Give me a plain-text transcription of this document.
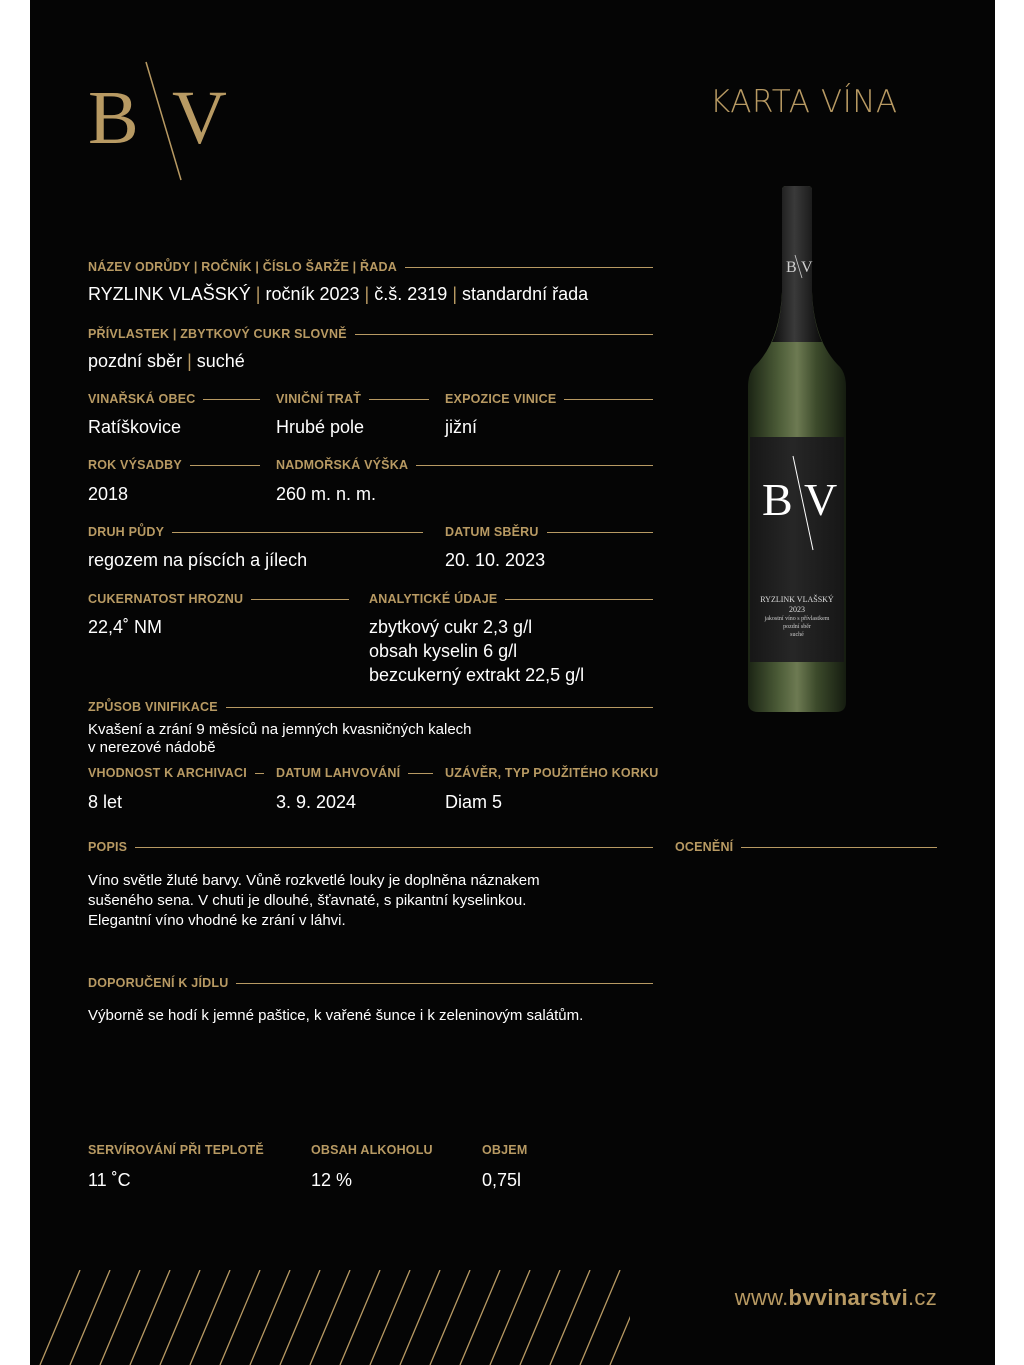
B V	KARTA VÍNA
NÁZEV ODRŮDY | ROČNÍK | ČÍSLO ŠARŽE | ŘADA
RYZLINK VLAŠSKÝ | ročník 2023 | č.š. 2319 | standardní řada
PŘÍVLASTEK | ZBYTKOVÝ CUKR SLOVNĚ
pozdní sběr | suché
VINAŘSKÁ OBEC
Ratíškovice
VINIČNÍ TRAŤ
Hrubé pole
EXPOZICE VINICE
jižní
ROK VÝSADBY
2018
NADMOŘSKÁ VÝŠKA
260 m. n. m.
DRUH PŮDY
regozem na píscích a jílech
DATUM SBĚRU
20. 10. 2023
CUKERNATOST HROZNU
22,4˚ NM
ANALYTICKÉ ÚDAJE
zbytkový cukr 2,3 g/l
obsah kyselin 6 g/l
bezcukerný extrakt 22,5 g/l
ZPŮSOB VINIFIKACE
Kvašení a zrání 9 měsíců na jemných kvasničných kalech
v nerezové nádobě
VHODNOST K ARCHIVACI
8 let
DATUM LAHVOVÁNÍ
3. 9. 2024
UZÁVĚR, TYP POUŽITÉHO KORKU
Diam 5
POPIS	OCENĚNÍ
Víno světle žluté barvy. Vůně rozkvetlé louky je doplněna náznakem
sušeného sena. V chuti je dlouhé, šťavnaté, s pikantní kyselinkou.
Elegantní víno vhodné ke zrání v láhvi.
DOPORUČENÍ K JÍDLU
Výborně se hodí k jemné paštice, k vařené šunce i k zeleninovým salátům.
SERVÍROVÁNÍ PŘI TEPLOTĚ
11 ˚C
OBSAH ALKOHOLU
12 %
OBJEM
0,75l
B V
B V
RYZLINK VLAŠSKÝ
2023
jakostní víno s přívlastkem
pozdní sběr
suché
www.bvvinarstvi.cz
